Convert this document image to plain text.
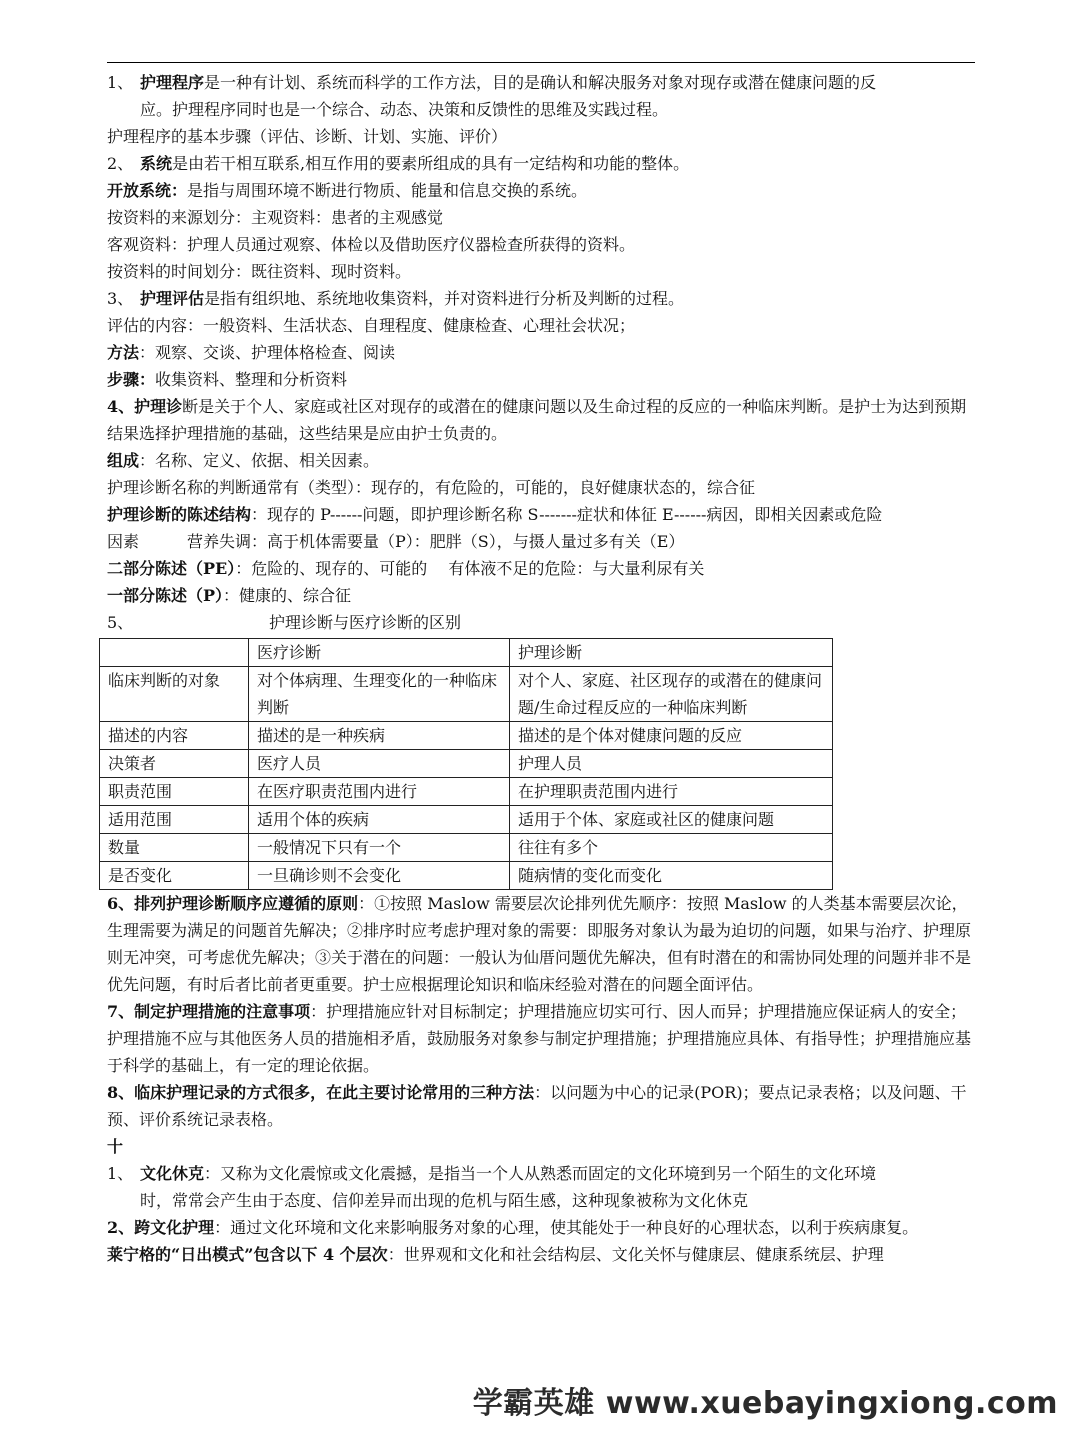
1、 护理程序是一种有计划、系统而科学的工作方法，目的是确认和解决服务对象对现存或潜在健康问题的反
应。护理程序同时也是一个综合、动态、决策和反馈性的思维及实践过程。
护理程序的基本步骤（评估、诊断、计划、实施、评价）
2、 系统是由若干相互联系,相互作用的要素所组成的具有一定结构和功能的整体。
开放系统：是指与周围环境不断进行物质、能量和信息交换的系统。
按资料的来源划分：主观资料：患者的主观感觉
客观资料：护理人员通过观察、体检以及借助医疗仪器检查所获得的资料。
按资料的时间划分：既往资料、现时资料。
3、 护理评估是指有组织地、系统地收集资料，并对资料进行分析及判断的过程。
评估的内容：一般资料、生活状态、自理程度、健康检查、心理社会状况；
方法：观察、交谈、护理体格检查、阅读
步骤：收集资料、整理和分析资料
4、护理诊断是关于个人、家庭或社区对现存的或潜在的健康问题以及生命过程的反应的一种临床判断。是护士为达到预期结果选择护理措施的基础，这些结果是应由护士负责的。
组成：名称、定义、依据、相关因素。
护理诊断名称的判断通常有（类型）：现存的，有危险的，可能的，良好健康状态的，综合征
护理诊断的陈述结构：现存的 P------问题，即护理诊断名称 S-------症状和体征 E------病因，即相关因素或危险
因素　　　营养失调：高于机体需要量（P）：肥胖（S），与摄人量过多有关（E）
二部分陈述（PE）：危险的、现存的、可能的　 有体液不足的危险：与大量利尿有关
一部分陈述（P）：健康的、综合征
5、	护理诊断与医疗诊断的区别
	医疗诊断	护理诊断
临床判断的对象	对个体病理、生理变化的一种临床判断	对个人、家庭、社区现存的或潜在的健康问题/生命过程反应的一种临床判断
描述的内容	描述的是一种疾病	描述的是个体对健康问题的反应
决策者	医疗人员	护理人员
职责范围	在医疗职责范围内进行	在护理职责范围内进行
适用范围	适用个体的疾病	适用于个体、家庭或社区的健康问题
数量	一般情况下只有一个	往往有多个
是否变化	一旦确诊则不会变化	随病情的变化而变化
6、排列护理诊断顺序应遵循的原则：①按照 Maslow 需要层次论排列优先顺序：按照 Maslow 的人类基本需要层次论，生理需要为满足的问题首先解决；②排序时应考虑护理对象的需要：即服务对象认为最为迫切的问题，如果与治疗、护理原则无冲突，可考虑优先解决；③关于潜在的问题：一般认为仙厝问题优先解决，但有时潜在的和需协同处理的问题并非不是优先问题，有时后者比前者更重要。护士应根据理论知识和临床经验对潜在的问题全面评估。
7、制定护理措施的注意事项：护理措施应针对目标制定；护理措施应切实可行、因人而异；护理措施应保证病人的安全；护理措施不应与其他医务人员的措施相矛盾，鼓励服务对象参与制定护理措施；护理措施应具体、有指导性；护理措施应基于科学的基础上，有一定的理论依据。
8、临床护理记录的方式很多，在此主要讨论常用的三种方法：以问题为中心的记录(POR)；要点记录表格；以及问题、干预、评价系统记录表格。
十
1、 文化休克：又称为文化震惊或文化震撼，是指当一个人从熟悉而固定的文化环境到另一个陌生的文化环境
时，常常会产生由于态度、信仰差异而出现的危机与陌生感，这种现象被称为文化休克
2、跨文化护理：通过文化环境和文化来影响服务对象的心理，使其能处于一种良好的心理状态，以利于疾病康复。
莱宁格的“日出模式”包含以下 4 个层次：世界观和文化和社会结构层、文化关怀与健康层、健康系统层、护理
学霸英雄 www.xuebayingxiong.com
